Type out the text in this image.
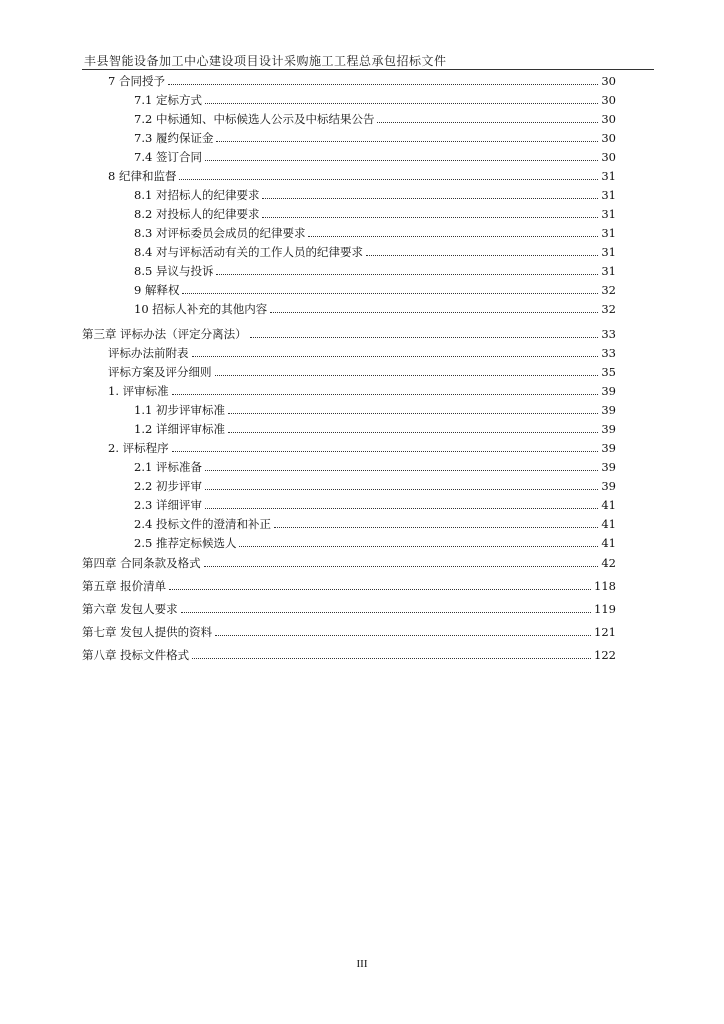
丰县智能设备加工中心建设项目设计采购施工工程总承包招标文件
7 合同授予	30
7.1 定标方式	30
7.2 中标通知、中标候选人公示及中标结果公告	30
7.3 履约保证金	30
7.4 签订合同	30
8 纪律和监督	31
8.1 对招标人的纪律要求	31
8.2 对投标人的纪律要求	31
8.3 对评标委员会成员的纪律要求	31
8.4 对与评标活动有关的工作人员的纪律要求	31
8.5 异议与投诉	31
9 解释权	32
10 招标人补充的其他内容	32
第三章 评标办法（评定分离法）	33
评标办法前附表	33
评标方案及评分细则	35
1. 评审标准	39
1.1 初步评审标准	39
1.2 详细评审标准	39
2. 评标程序	39
2.1 评标准备	39
2.2 初步评审	39
2.3 详细评审	41
2.4 投标文件的澄清和补正	41
2.5 推荐定标候选人	41
第四章 合同条款及格式	42
第五章 报价清单	118
第六章 发包人要求	119
第七章 发包人提供的资料	121
第八章 投标文件格式	122
III
